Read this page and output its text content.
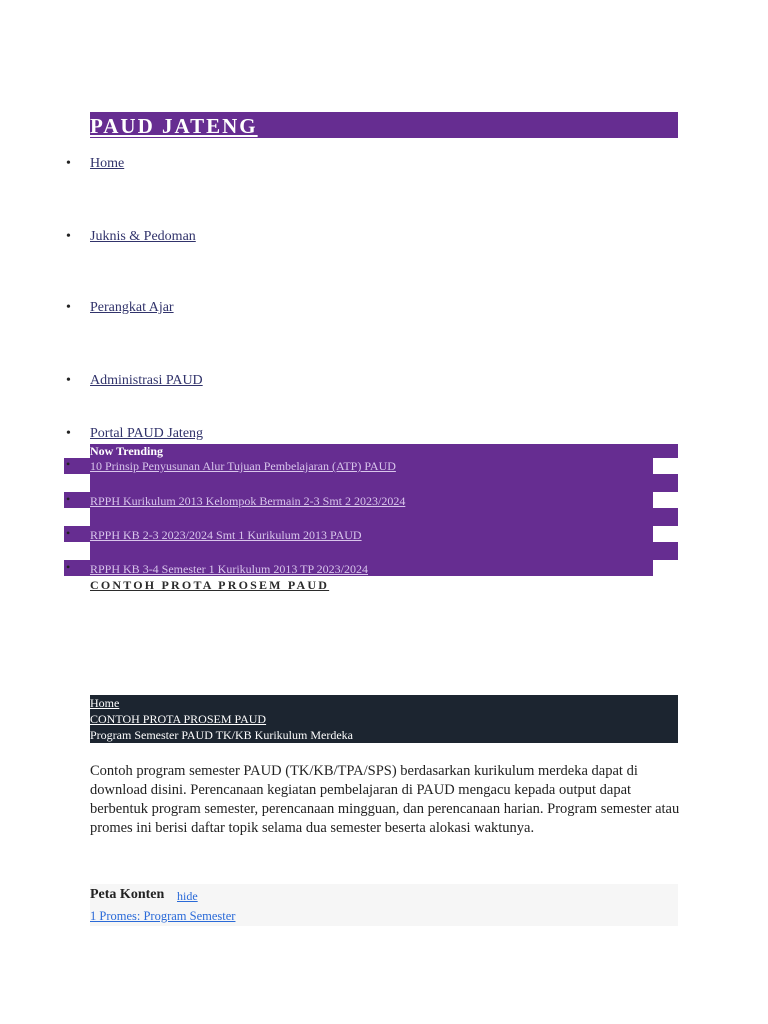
PAUD JATENG
• Home
• Juknis & Pedoman
• Perangkat Ajar
• Administrasi PAUD
• Portal PAUD Jateng
Now Trending
• 10 Prinsip Penyusunan Alur Tujuan Pembelajaran (ATP) PAUD
• RPPH Kurikulum 2013 Kelompok Bermain 2-3 Smt 2 2023/2024
• RPPH KB 2-3 2023/2024 Smt 1 Kurikulum 2013 PAUD
• RPPH KB 3-4 Semester 1 Kurikulum 2013 TP 2023/2024
CONTOH PROTA PROSEM PAUD
Home
CONTOH PROTA PROSEM PAUD
Program Semester PAUD TK/KB Kurikulum Merdeka

Contoh program semester PAUD (TK/KB/TPA/SPS) berdasarkan kurikulum merdeka dapat di download disini. Perencanaan kegiatan pembelajaran di PAUD mengacu kepada output dapat berbentuk program semester, perencanaan mingguan, dan perencanaan harian. Program semester atau promes ini berisi daftar topik selama dua semester beserta alokasi waktunya.

Peta Konten hide
1 Promes: Program Semester
